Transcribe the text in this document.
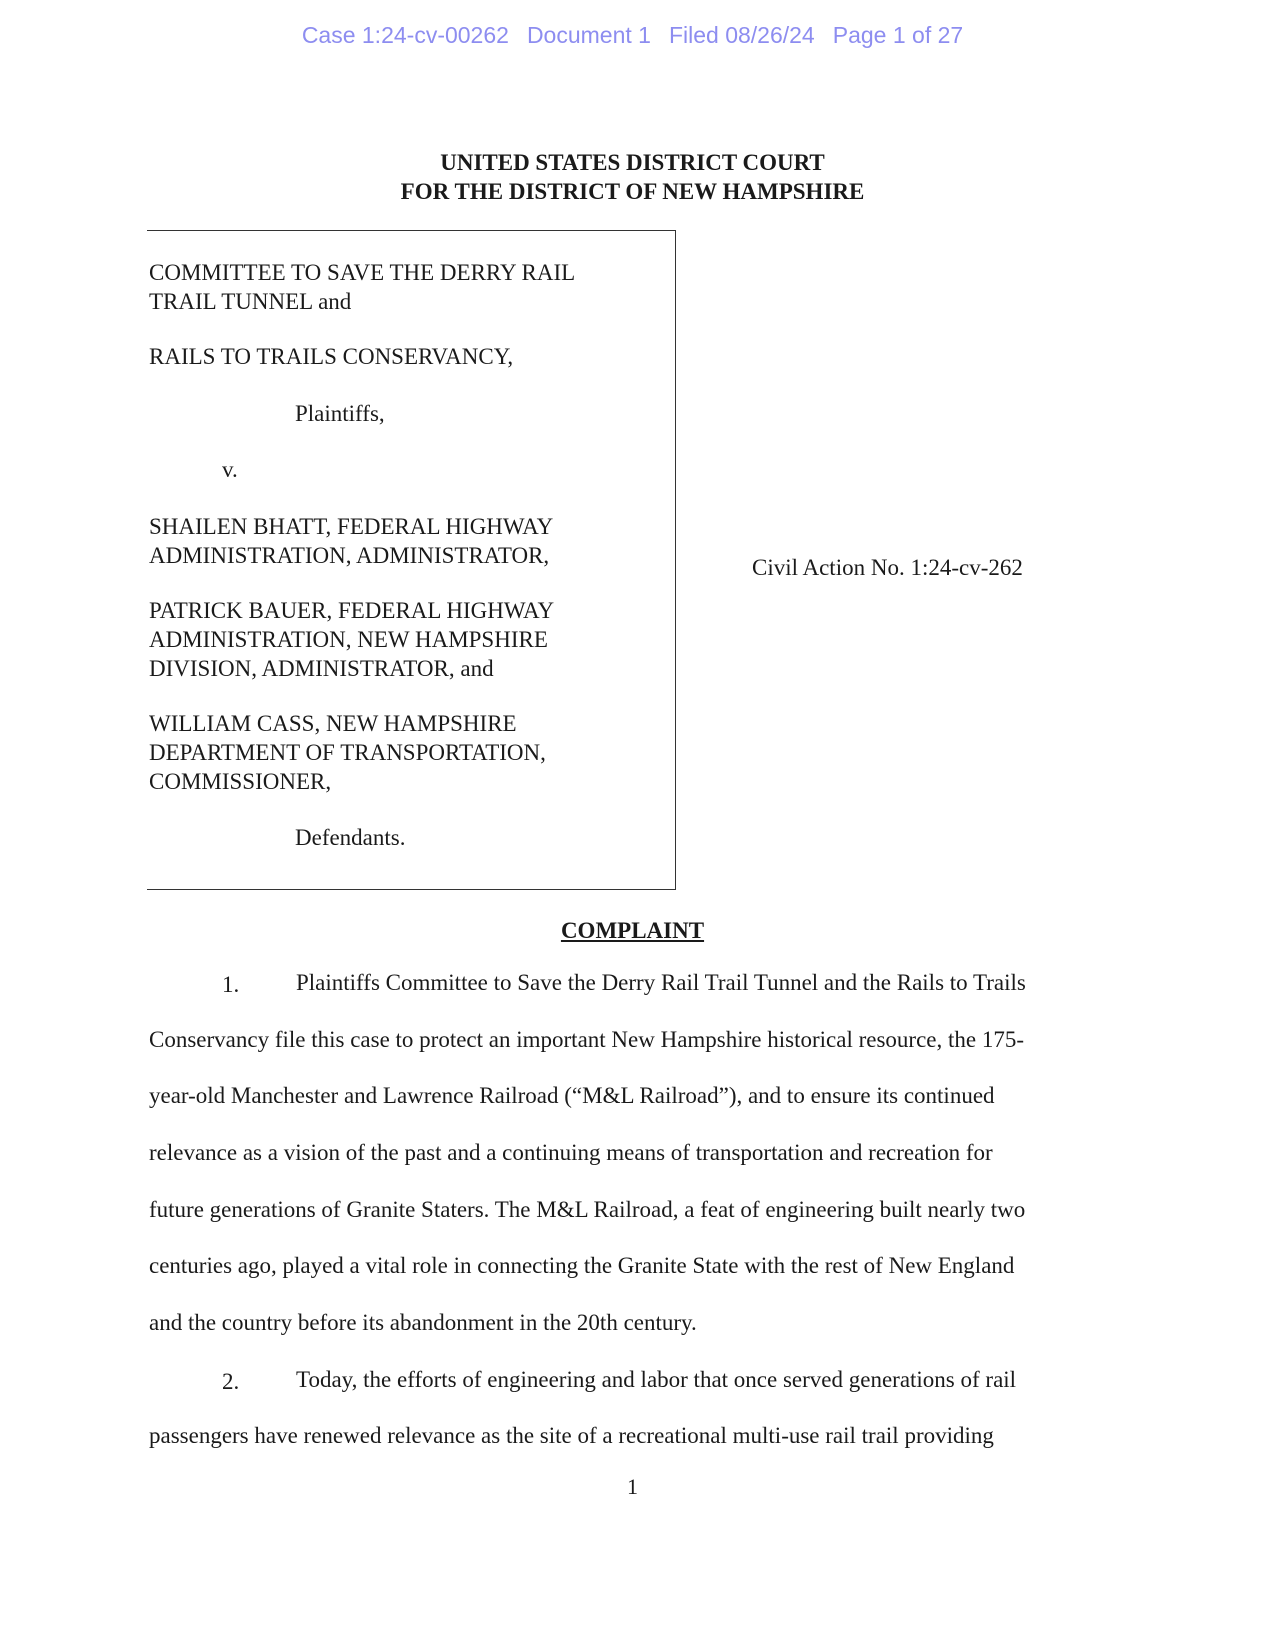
Case 1:24-cv-00262 Document 1 Filed 08/26/24 Page 1 of 27
UNITED STATES DISTRICT COURT
FOR THE DISTRICT OF NEW HAMPSHIRE
COMMITTEE TO SAVE THE DERRY RAIL
TRAIL TUNNEL and
RAILS TO TRAILS CONSERVANCY,
Plaintiffs,
v.
SHAILEN BHATT, FEDERAL HIGHWAY
ADMINISTRATION, ADMINISTRATOR,
PATRICK BAUER, FEDERAL HIGHWAY
ADMINISTRATION, NEW HAMPSHIRE
DIVISION, ADMINISTRATOR, and
WILLIAM CASS, NEW HAMPSHIRE
DEPARTMENT OF TRANSPORTATION,
COMMISSIONER,
Defendants.
Civil Action No. 1:24-cv-262
COMPLAINT
1. Plaintiffs Committee to Save the Derry Rail Trail Tunnel and the Rails to Trails
Conservancy file this case to protect an important New Hampshire historical resource, the 175-
year-old Manchester and Lawrence Railroad (“M&L Railroad”), and to ensure its continued
relevance as a vision of the past and a continuing means of transportation and recreation for
future generations of Granite Staters. The M&L Railroad, a feat of engineering built nearly two
centuries ago, played a vital role in connecting the Granite State with the rest of New England
and the country before its abandonment in the 20th century.
2. Today, the efforts of engineering and labor that once served generations of rail
passengers have renewed relevance as the site of a recreational multi-use rail trail providing
1
